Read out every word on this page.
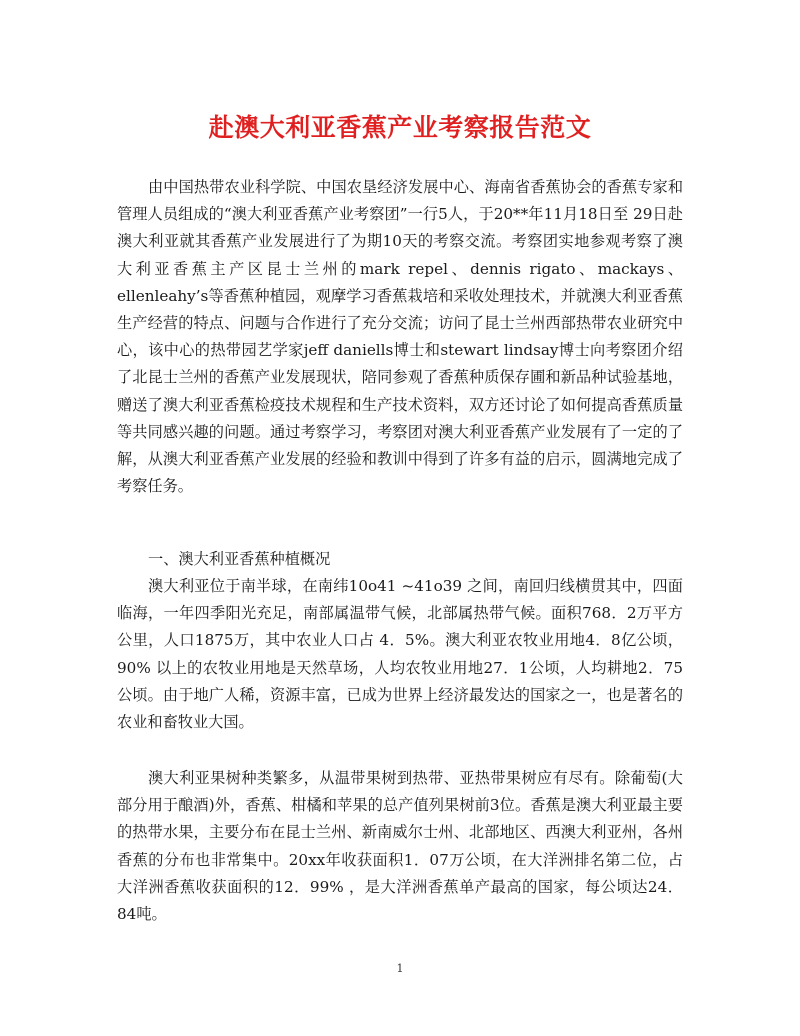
赴澳大利亚香蕉产业考察报告范文
由中国热带农业科学院、中国农垦经济发展中心、海南省香蕉协会的香蕉专家和管理人员组成的“澳大利亚香蕉产业考察团”一行5人，于20**年11月18日至 29日赴澳大利亚就其香蕉产业发展进行了为期10天的考察交流。考察团实地参观考察了澳大利亚香蕉主产区昆士兰州的mark repel、dennis rigato、mackays、ellenleahy’s等香蕉种植园，观摩学习香蕉栽培和采收处理技术，并就澳大利亚香蕉生产经营的特点、问题与合作进行了充分交流；访问了昆士兰州西部热带农业研究中心，该中心的热带园艺学家jeff daniells博士和stewart lindsay博士向考察团介绍了北昆士兰州的香蕉产业发展现状，陪同参观了香蕉种质保存圃和新品种试验基地，赠送了澳大利亚香蕉检疫技术规程和生产技术资料，双方还讨论了如何提高香蕉质量等共同感兴趣的问题。通过考察学习，考察团对澳大利亚香蕉产业发展有了一定的了解，从澳大利亚香蕉产业发展的经验和教训中得到了许多有益的启示，圆满地完成了考察任务。
一、澳大利亚香蕉种植概况
澳大利亚位于南半球，在南纬10o41 ~41o39 之间，南回归线横贯其中，四面临海，一年四季阳光充足，南部属温带气候，北部属热带气候。面积768．2万平方公里，人口1875万，其中农业人口占 4．5%。澳大利亚农牧业用地4．8亿公顷，90% 以上的农牧业用地是天然草场，人均农牧业用地27．1公顷，人均耕地2．75 公顷。由于地广人稀，资源丰富，已成为世界上经济最发达的国家之一，也是著名的农业和畜牧业大国。
澳大利亚果树种类繁多，从温带果树到热带、亚热带果树应有尽有。除葡萄(大部分用于酿酒)外，香蕉、柑橘和苹果的总产值列果树前3位。香蕉是澳大利亚最主要的热带水果，主要分布在昆士兰州、新南威尔士州、北部地区、西澳大利亚州，各州香蕉的分布也非常集中。20xx年收获面积1．07万公顷，在大洋洲排名第二位，占大洋洲香蕉收获面积的12．99% ，是大洋洲香蕉单产最高的国家，每公顷达24．84吨。
1
